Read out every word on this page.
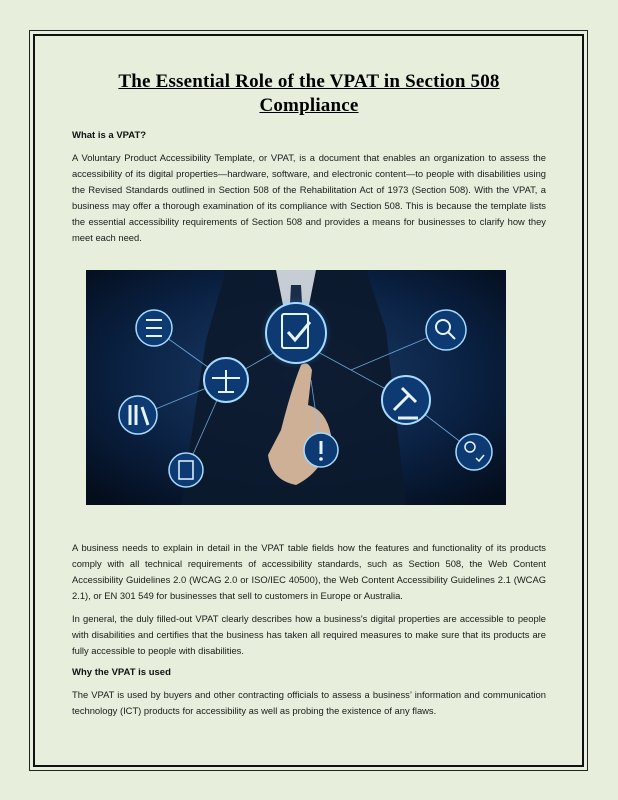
The Essential Role of the VPAT in Section 508 Compliance
What is a VPAT?

A Voluntary Product Accessibility Template, or VPAT, is a document that enables an organization to assess the accessibility of its digital properties—hardware, software, and electronic content—to people with disabilities using the Revised Standards outlined in Section 508 of the Rehabilitation Act of 1973 (Section 508). With the VPAT, a business may offer a thorough examination of its compliance with Section 508. This is because the template lists the essential accessibility requirements of Section 508 and provides a means for businesses to clarify how they meet each need.

A business needs to explain in detail in the VPAT table fields how the features and functionality of its products comply with all technical requirements of accessibility standards, such as Section 508, the Web Content Accessibility Guidelines 2.0 (WCAG 2.0 or ISO/IEC 40500), the Web Content Accessibility Guidelines 2.1 (WCAG 2.1), or EN 301 549 for businesses that sell to customers in Europe or Australia.

In general, the duly filled-out VPAT clearly describes how a business's digital properties are accessible to people with disabilities and certifies that the business has taken all required measures to make sure that its products are fully accessible to people with disabilities.

Why the VPAT is used

The VPAT is used by buyers and other contracting officials to assess a business’ information and communication technology (ICT) products for accessibility as well as probing the existence of any flaws.
